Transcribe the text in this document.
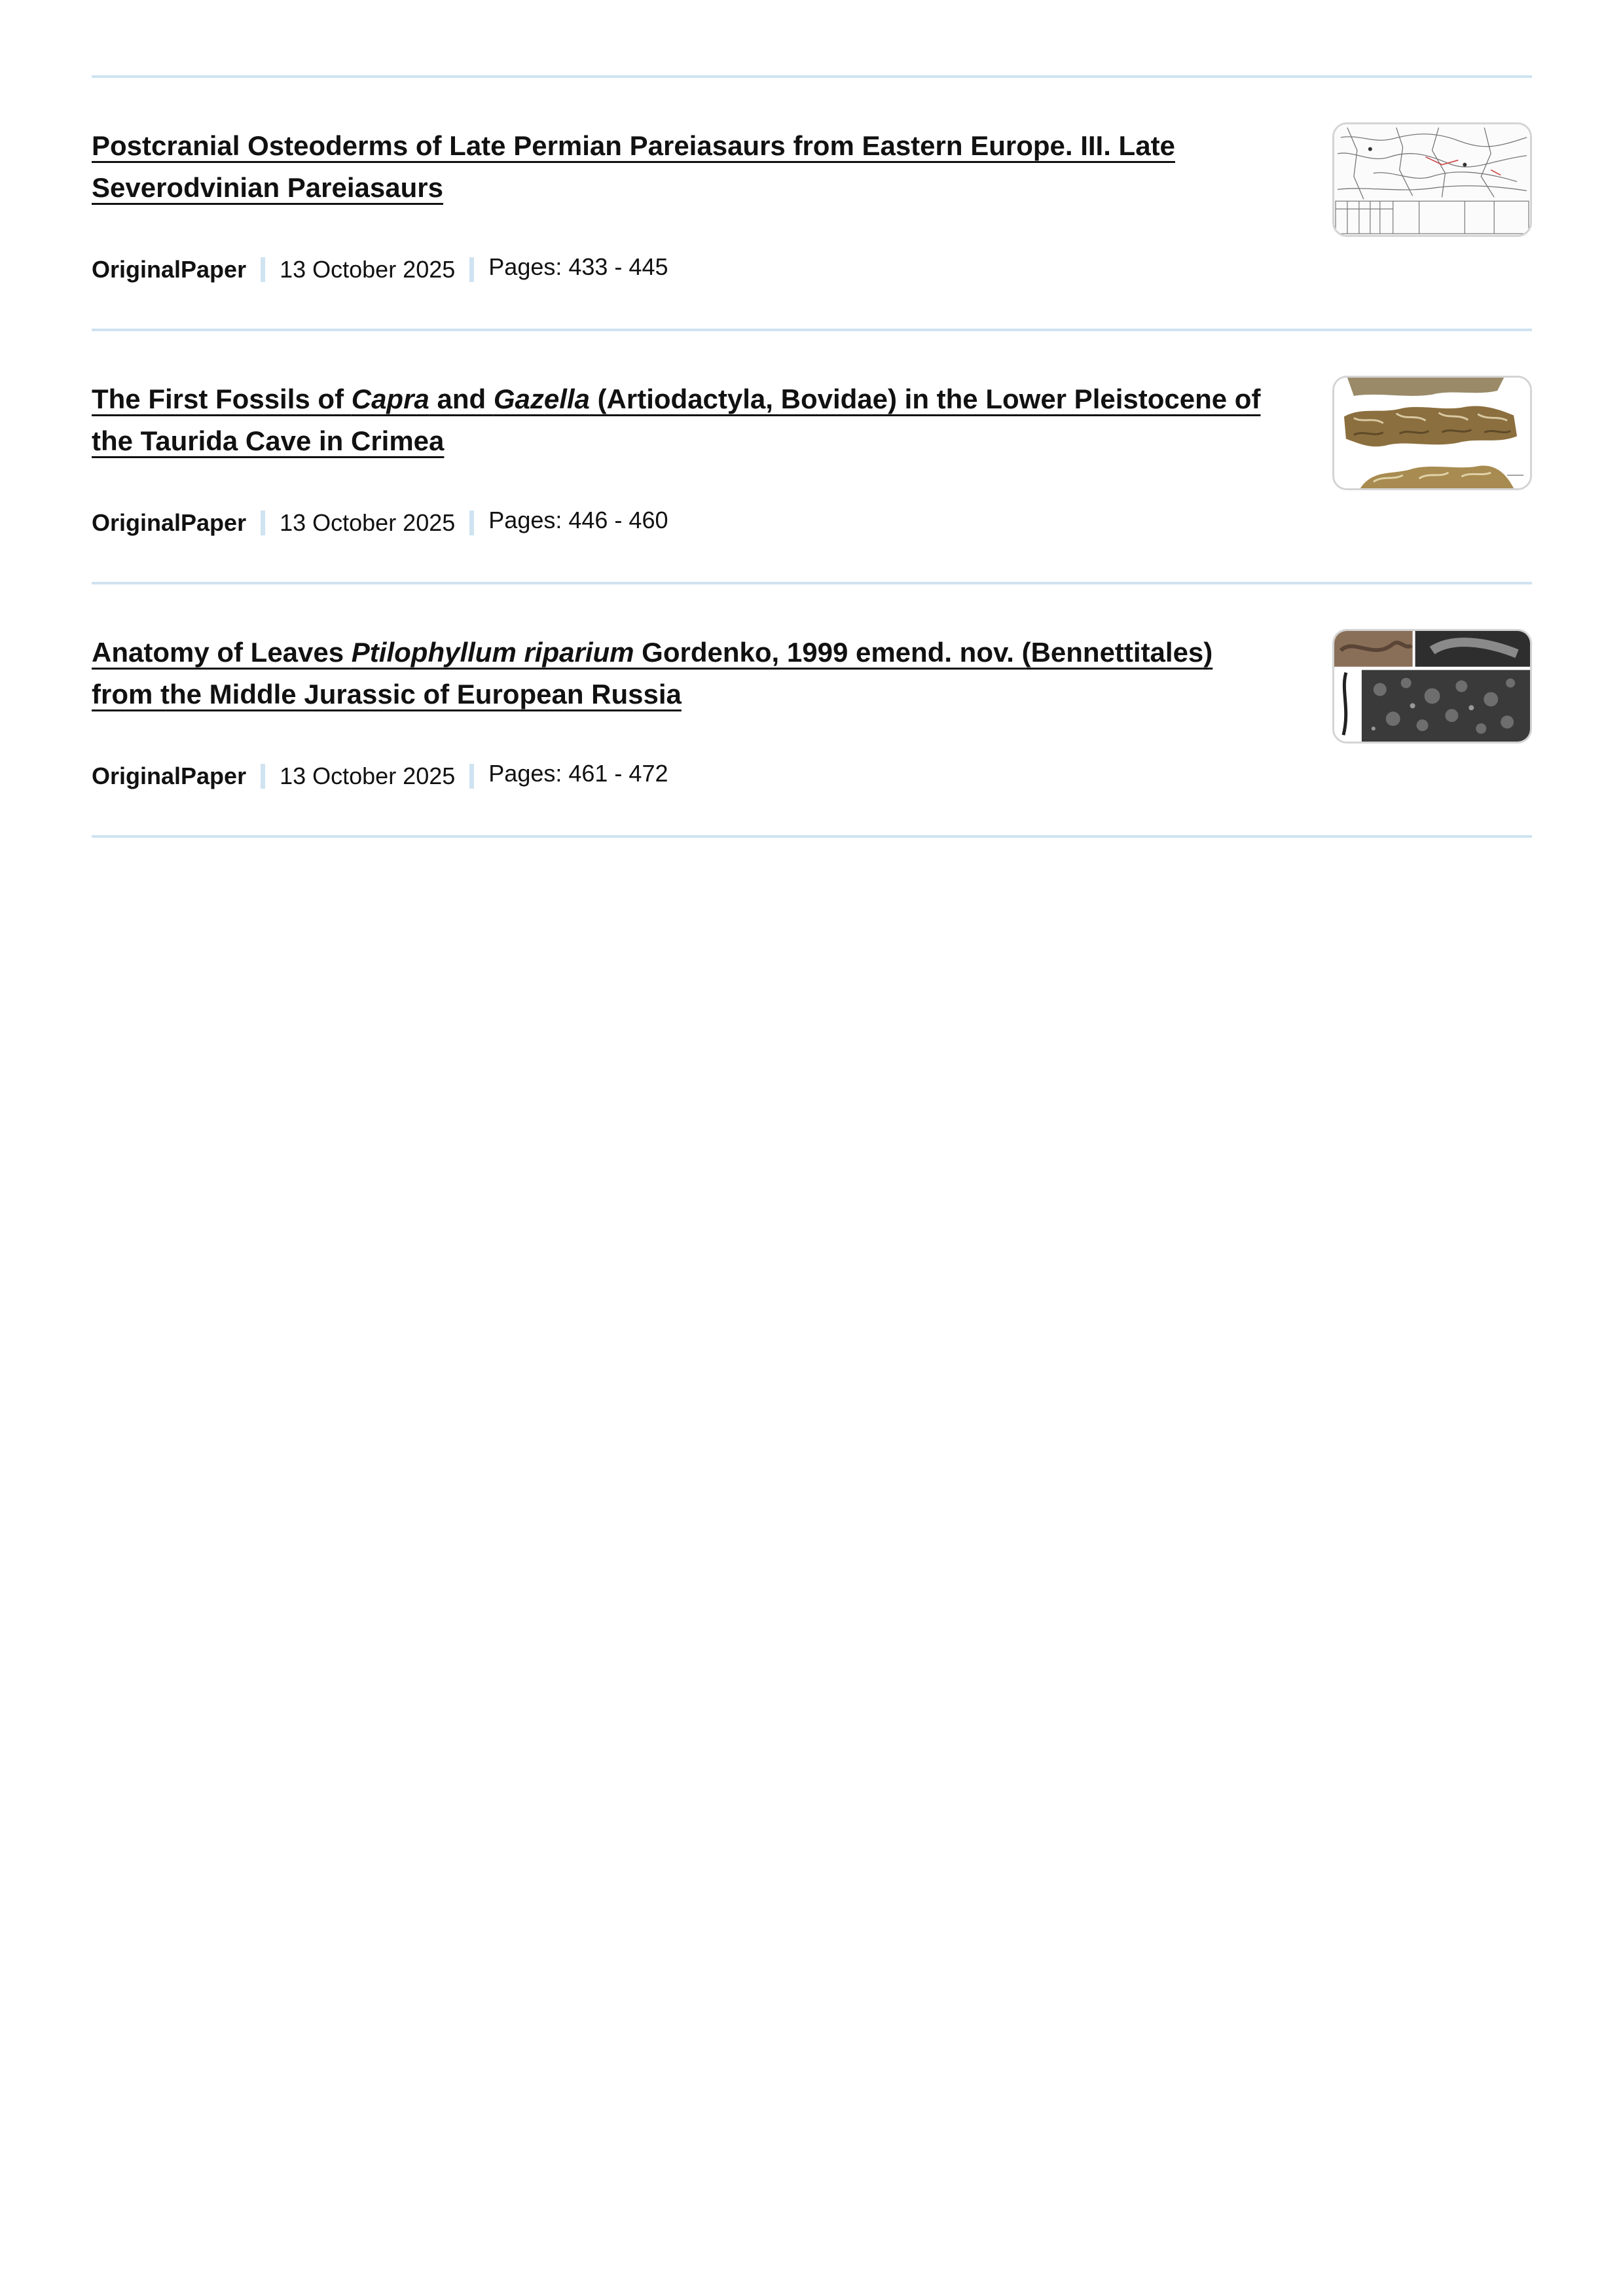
Postcranial Osteoderms of Late Permian Pareiasaurs from Eastern Europe. III. Late Severodvinian Pareiasaurs
OriginalPaper 13 October 2025 Pages: 433 - 445
The First Fossils of Capra and Gazella (Artiodactyla, Bovidae) in the Lower Pleistocene of the Taurida Cave in Crimea
OriginalPaper 13 October 2025 Pages: 446 - 460
Anatomy of Leaves Ptilophyllum riparium Gordenko, 1999 emend. nov. (Bennettitales) from the Middle Jurassic of European Russia
OriginalPaper 13 October 2025 Pages: 461 - 472
